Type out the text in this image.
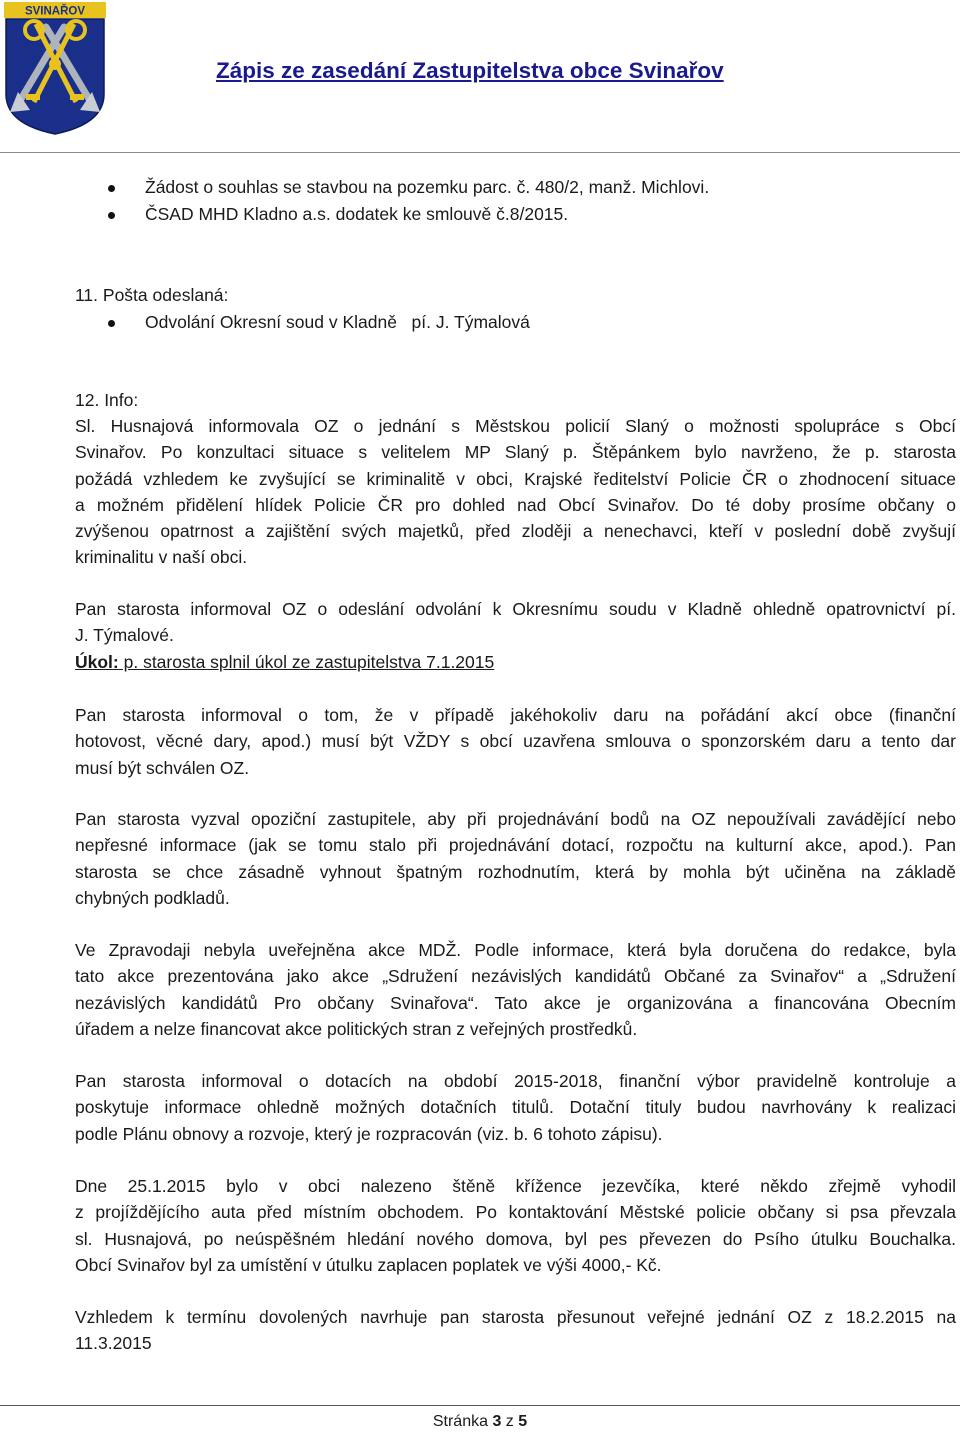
SVINAŘOV
Zápis ze zasedání Zastupitelstva obce Svinařov
Žádost o souhlas se stavbou na pozemku parc. č. 480/2, manž. Michlovi.
ČSAD MHD Kladno a.s. dodatek ke smlouvě č.8/2015.
11. Pošta odeslaná:
Odvolání Okresní soud v Kladně   pí. J. Týmalová
12. Info:
Sl. Husnajová informovala OZ o jednání s Městskou policií Slaný o možnosti spolupráce s Obcí
Svinařov. Po konzultaci situace s velitelem MP Slaný p. Štěpánkem bylo navrženo, že p. starosta
požádá vzhledem ke zvyšující se kriminalitě v obci, Krajské ředitelství Policie ČR o zhodnocení situace
a možném přidělení hlídek Policie ČR pro dohled nad Obcí Svinařov. Do té doby prosíme občany o
zvýšenou opatrnost a zajištění svých majetků, před zloději a nenechavci, kteří v poslední době zvyšují
kriminalitu v naší obci.
Pan starosta informoval OZ o odeslání odvolání k Okresnímu soudu v Kladně ohledně opatrovnictví pí.
J. Týmalové.
Úkol: p. starosta splnil úkol ze zastupitelstva 7.1.2015
Pan starosta informoval o tom, že v případě jakéhokoliv daru na pořádání akcí obce (finanční
hotovost, věcné dary, apod.) musí být VŽDY s obcí uzavřena smlouva o sponzorském daru a tento dar
musí být schválen OZ.
Pan starosta vyzval opoziční zastupitele, aby při projednávání bodů na OZ nepoužívali zavádějící nebo
nepřesné informace (jak se tomu stalo při projednávání dotací, rozpočtu na kulturní akce, apod.). Pan
starosta se chce zásadně vyhnout špatným rozhodnutím, která by mohla být učiněna na základě
chybných podkladů.
Ve Zpravodaji nebyla uveřejněna akce MDŽ. Podle informace, která byla doručena do redakce, byla
tato akce prezentována jako akce „Sdružení nezávislých kandidátů Občané za Svinařov“ a „Sdružení
nezávislých kandidátů Pro občany Svinařova“. Tato akce je organizována a financována Obecním
úřadem a nelze financovat akce politických stran z veřejných prostředků.
Pan starosta informoval o dotacích na období 2015-2018, finanční výbor pravidelně kontroluje a
poskytuje informace ohledně možných dotačních titulů. Dotační tituly budou navrhovány k realizaci
podle Plánu obnovy a rozvoje, který je rozpracován (viz. b. 6 tohoto zápisu).
Dne 25.1.2015 bylo v obci nalezeno štěně křížence jezevčíka, které někdo zřejmě vyhodil
z projíždějícího auta před místním obchodem. Po kontaktování Městské policie občany si psa převzala
sl. Husnajová, po neúspěšném hledání nového domova, byl pes převezen do Psího útulku Bouchalka.
Obcí Svinařov byl za umístění v útulku zaplacen poplatek ve výši 4000,- Kč.
Vzhledem k termínu dovolených navrhuje pan starosta přesunout veřejné jednání OZ z 18.2.2015 na
11.3.2015
Stránka 3 z 5
